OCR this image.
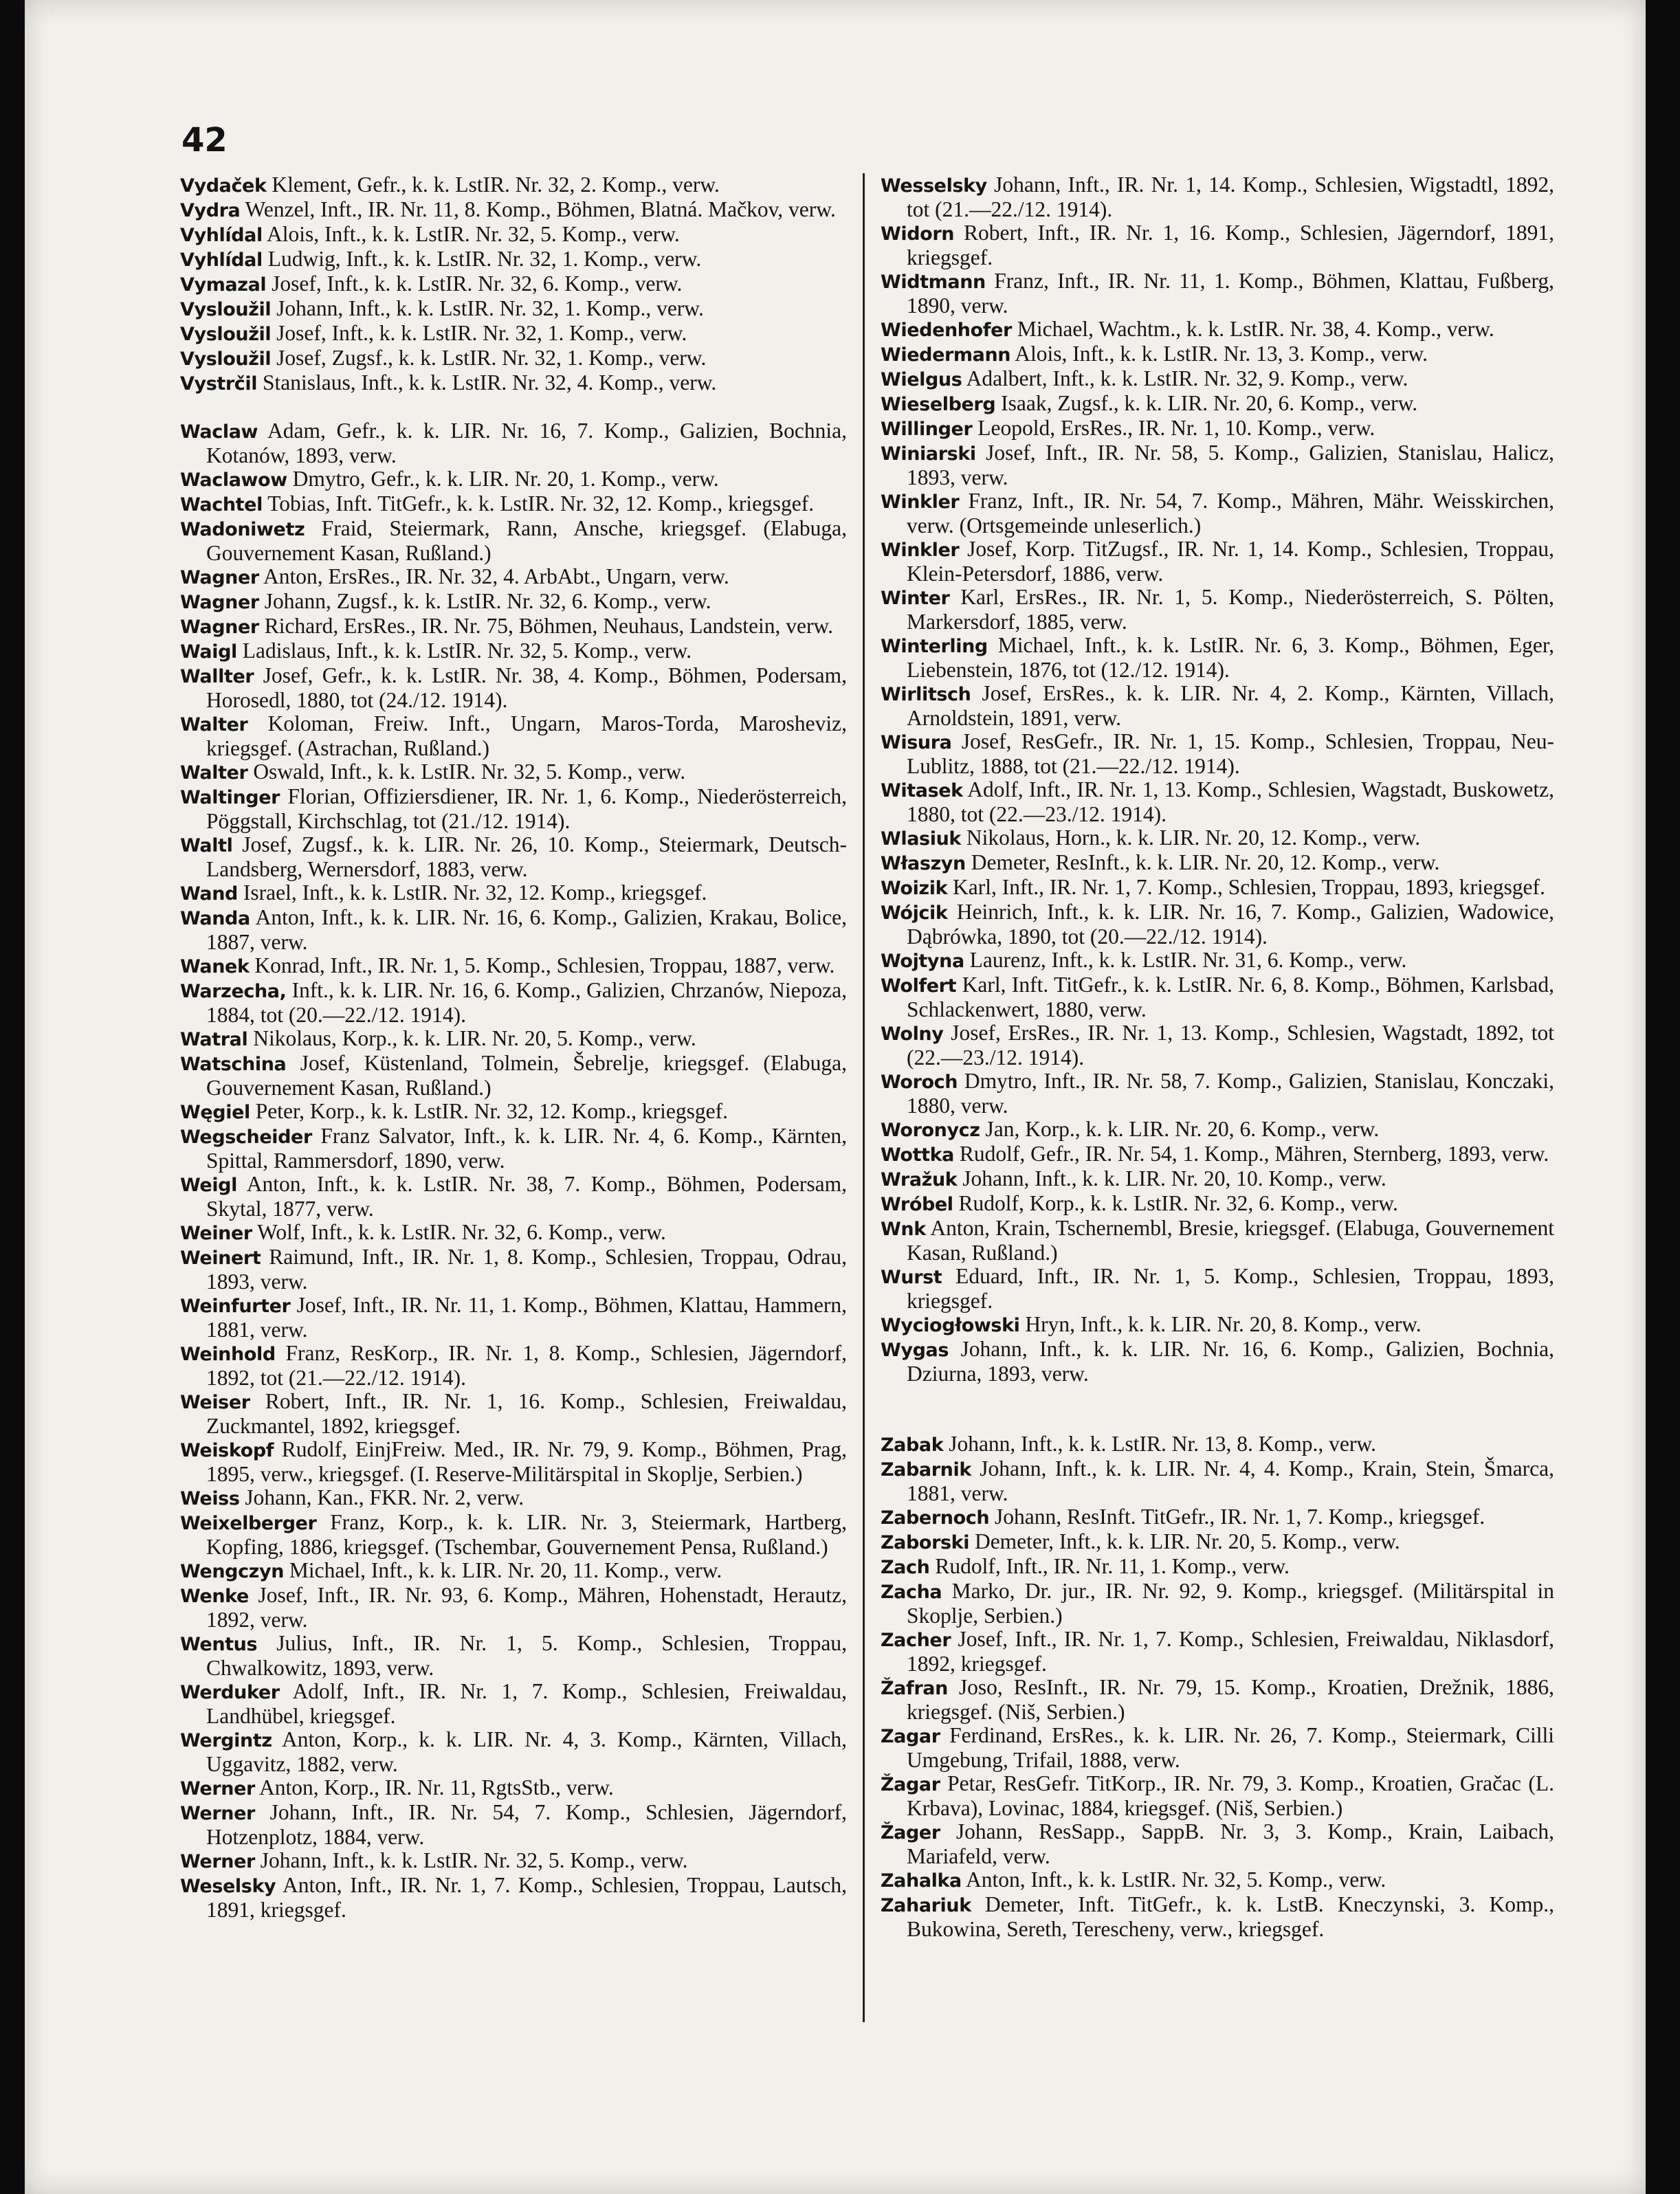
42

Vydaček Klement, Gefr., k. k. LstIR. Nr. 32, 2. Komp., verw.

Vydra Wenzel, Inft., IR. Nr. 11, 8. Komp., Böhmen, Blatná. Mačkov, verw.

Vyhlídal Alois, Inft., k. k. LstIR. Nr. 32, 5. Komp., verw.

Vyhlídal Ludwig, Inft., k. k. LstIR. Nr. 32, 1. Komp., verw.

Vymazal Josef, Inft., k. k. LstIR. Nr. 32, 6. Komp., verw.

Vysloužil Johann, Inft., k. k. LstIR. Nr. 32, 1. Komp., verw.

Vysloužil Josef, Inft., k. k. LstIR. Nr. 32, 1. Komp., verw.

Vysloužil Josef, Zugsf., k. k. LstIR. Nr. 32, 1. Komp., verw.

Vystrčil Stanislaus, Inft., k. k. LstIR. Nr. 32, 4. Komp., verw.

Waclaw Adam, Gefr., k. k. LIR. Nr. 16, 7. Komp., Galizien, Bochnia, Kotanów, 1893, verw.

Waclawow Dmytro, Gefr., k. k. LIR. Nr. 20, 1. Komp., verw.

Wachtel Tobias, Inft. TitGefr., k. k. LstIR. Nr. 32, 12. Komp., kriegsgef.

Wadoniwetz Fraid, Steiermark, Rann, Ansche, kriegsgef. (Elabuga, Gouvernement Kasan, Rußland.)

Wagner Anton, ErsRes., IR. Nr. 32, 4. ArbAbt., Ungarn, verw.

Wagner Johann, Zugsf., k. k. LstIR. Nr. 32, 6. Komp., verw.

Wagner Richard, ErsRes., IR. Nr. 75, Böhmen, Neuhaus, Landstein, verw.

Waigl Ladislaus, Inft., k. k. LstIR. Nr. 32, 5. Komp., verw.

Wallter Josef, Gefr., k. k. LstIR. Nr. 38, 4. Komp., Böhmen, Podersam, Horosedl, 1880, tot (24./12. 1914).

Walter Koloman, Freiw. Inft., Ungarn, Maros-Torda, Marosheviz, kriegsgef. (Astrachan, Rußland.)

Walter Oswald, Inft., k. k. LstIR. Nr. 32, 5. Komp., verw.

Waltinger Florian, Offiziersdiener, IR. Nr. 1, 6. Komp., Niederösterreich, Pöggstall, Kirchschlag, tot (21./12. 1914).

Waltl Josef, Zugsf., k. k. LIR. Nr. 26, 10. Komp., Steiermark, Deutsch-Landsberg, Wernersdorf, 1883, verw.

Wand Israel, Inft., k. k. LstIR. Nr. 32, 12. Komp., kriegsgef.

Wanda Anton, Inft., k. k. LIR. Nr. 16, 6. Komp., Galizien, Krakau, Bolice, 1887, verw.

Wanek Konrad, Inft., IR. Nr. 1, 5. Komp., Schlesien, Troppau, 1887, verw.

Warzecha, Inft., k. k. LIR. Nr. 16, 6. Komp., Galizien, Chrzanów, Niepoza, 1884, tot (20.—22./12. 1914).

Watral Nikolaus, Korp., k. k. LIR. Nr. 20, 5. Komp., verw.

Watschina Josef, Küstenland, Tolmein, Šebrelje, kriegsgef. (Elabuga, Gouvernement Kasan, Rußland.)

Węgiel Peter, Korp., k. k. LstIR. Nr. 32, 12. Komp., kriegsgef.

Wegscheider Franz Salvator, Inft., k. k. LIR. Nr. 4, 6. Komp., Kärnten, Spittal, Rammersdorf, 1890, verw.

Weigl Anton, Inft., k. k. LstIR. Nr. 38, 7. Komp., Böhmen, Podersam, Skytal, 1877, verw.

Weiner Wolf, Inft., k. k. LstIR. Nr. 32, 6. Komp., verw.

Weinert Raimund, Inft., IR. Nr. 1, 8. Komp., Schlesien, Troppau, Odrau, 1893, verw.

Weinfurter Josef, Inft., IR. Nr. 11, 1. Komp., Böhmen, Klattau, Hammern, 1881, verw.

Weinhold Franz, ResKorp., IR. Nr. 1, 8. Komp., Schlesien, Jägerndorf, 1892, tot (21.—22./12. 1914).

Weiser Robert, Inft., IR. Nr. 1, 16. Komp., Schlesien, Freiwaldau, Zuckmantel, 1892, kriegsgef.

Weiskopf Rudolf, EinjFreiw. Med., IR. Nr. 79, 9. Komp., Böhmen, Prag, 1895, verw., kriegsgef. (I. Reserve-Militärspital in Skoplje, Serbien.)

Weiss Johann, Kan., FKR. Nr. 2, verw.

Weixelberger Franz, Korp., k. k. LIR. Nr. 3, Steiermark, Hartberg, Kopfing, 1886, kriegsgef. (Tschembar, Gouvernement Pensa, Rußland.)

Wengczyn Michael, Inft., k. k. LIR. Nr. 20, 11. Komp., verw.

Wenke Josef, Inft., IR. Nr. 93, 6. Komp., Mähren, Hohenstadt, Herautz, 1892, verw.

Wentus Julius, Inft., IR. Nr. 1, 5. Komp., Schlesien, Troppau, Chwalkowitz, 1893, verw.

Werduker Adolf, Inft., IR. Nr. 1, 7. Komp., Schlesien, Freiwaldau, Landhübel, kriegsgef.

Wergintz Anton, Korp., k. k. LIR. Nr. 4, 3. Komp., Kärnten, Villach, Uggavitz, 1882, verw.

Werner Anton, Korp., IR. Nr. 11, RgtsStb., verw.

Werner Johann, Inft., IR. Nr. 54, 7. Komp., Schlesien, Jägerndorf, Hotzenplotz, 1884, verw.

Werner Johann, Inft., k. k. LstIR. Nr. 32, 5. Komp., verw.

Weselsky Anton, Inft., IR. Nr. 1, 7. Komp., Schlesien, Troppau, Lautsch, 1891, kriegsgef.

Wesselsky Johann, Inft., IR. Nr. 1, 14. Komp., Schlesien, Wigstadtl, 1892, tot (21.—22./12. 1914).

Widorn Robert, Inft., IR. Nr. 1, 16. Komp., Schlesien, Jägerndorf, 1891, kriegsgef.

Widtmann Franz, Inft., IR. Nr. 11, 1. Komp., Böhmen, Klattau, Fußberg, 1890, verw.

Wiedenhofer Michael, Wachtm., k. k. LstIR. Nr. 38, 4. Komp., verw.

Wiedermann Alois, Inft., k. k. LstIR. Nr. 13, 3. Komp., verw.

Wielgus Adalbert, Inft., k. k. LstIR. Nr. 32, 9. Komp., verw.

Wieselberg Isaak, Zugsf., k. k. LIR. Nr. 20, 6. Komp., verw.

Willinger Leopold, ErsRes., IR. Nr. 1, 10. Komp., verw.

Winiarski Josef, Inft., IR. Nr. 58, 5. Komp., Galizien, Stanislau, Halicz, 1893, verw.

Winkler Franz, Inft., IR. Nr. 54, 7. Komp., Mähren, Mähr. Weisskirchen, verw. (Ortsgemeinde unleserlich.)

Winkler Josef, Korp. TitZugsf., IR. Nr. 1, 14. Komp., Schlesien, Troppau, Klein-Petersdorf, 1886, verw.

Winter Karl, ErsRes., IR. Nr. 1, 5. Komp., Niederösterreich, S. Pölten, Markersdorf, 1885, verw.

Winterling Michael, Inft., k. k. LstIR. Nr. 6, 3. Komp., Böhmen, Eger, Liebenstein, 1876, tot (12./12. 1914).

Wirlitsch Josef, ErsRes., k. k. LIR. Nr. 4, 2. Komp., Kärnten, Villach, Arnoldstein, 1891, verw.

Wisura Josef, ResGefr., IR. Nr. 1, 15. Komp., Schlesien, Troppau, Neu-Lublitz, 1888, tot (21.—22./12. 1914).

Witasek Adolf, Inft., IR. Nr. 1, 13. Komp., Schlesien, Wagstadt, Buskowetz, 1880, tot (22.—23./12. 1914).

Wlasiuk Nikolaus, Horn., k. k. LIR. Nr. 20, 12. Komp., verw.

Właszyn Demeter, ResInft., k. k. LIR. Nr. 20, 12. Komp., verw.

Woizik Karl, Inft., IR. Nr. 1, 7. Komp., Schlesien, Troppau, 1893, kriegsgef.

Wójcik Heinrich, Inft., k. k. LIR. Nr. 16, 7. Komp., Galizien, Wadowice, Dąbrówka, 1890, tot (20.—22./12. 1914).

Wojtyna Laurenz, Inft., k. k. LstIR. Nr. 31, 6. Komp., verw.

Wolfert Karl, Inft. TitGefr., k. k. LstIR. Nr. 6, 8. Komp., Böhmen, Karlsbad, Schlackenwert, 1880, verw.

Wolny Josef, ErsRes., IR. Nr. 1, 13. Komp., Schlesien, Wagstadt, 1892, tot (22.—23./12. 1914).

Woroch Dmytro, Inft., IR. Nr. 58, 7. Komp., Galizien, Stanislau, Konczaki, 1880, verw.

Woronycz Jan, Korp., k. k. LIR. Nr. 20, 6. Komp., verw.

Wottka Rudolf, Gefr., IR. Nr. 54, 1. Komp., Mähren, Sternberg, 1893, verw.

Wražuk Johann, Inft., k. k. LIR. Nr. 20, 10. Komp., verw.

Wróbel Rudolf, Korp., k. k. LstIR. Nr. 32, 6. Komp., verw.

Wnk Anton, Krain, Tschernembl, Bresie, kriegsgef. (Elabuga, Gouvernement Kasan, Rußland.)

Wurst Eduard, Inft., IR. Nr. 1, 5. Komp., Schlesien, Troppau, 1893, kriegsgef.

Wyciogłowski Hryn, Inft., k. k. LIR. Nr. 20, 8. Komp., verw.

Wygas Johann, Inft., k. k. LIR. Nr. 16, 6. Komp., Galizien, Bochnia, Dziurna, 1893, verw.

Zabak Johann, Inft., k. k. LstIR. Nr. 13, 8. Komp., verw.

Zabarnik Johann, Inft., k. k. LIR. Nr. 4, 4. Komp., Krain, Stein, Šmarca, 1881, verw.

Zabernoch Johann, ResInft. TitGefr., IR. Nr. 1, 7. Komp., kriegsgef.

Zaborski Demeter, Inft., k. k. LIR. Nr. 20, 5. Komp., verw.

Zach Rudolf, Inft., IR. Nr. 11, 1. Komp., verw.

Zacha Marko, Dr. jur., IR. Nr. 92, 9. Komp., kriegsgef. (Militärspital in Skoplje, Serbien.)

Zacher Josef, Inft., IR. Nr. 1, 7. Komp., Schlesien, Freiwaldau, Niklasdorf, 1892, kriegsgef.

Žafran Joso, ResInft., IR. Nr. 79, 15. Komp., Kroatien, Drežnik, 1886, kriegsgef. (Niš, Serbien.)

Zagar Ferdinand, ErsRes., k. k. LIR. Nr. 26, 7. Komp., Steiermark, Cilli Umgebung, Trifail, 1888, verw.

Žagar Petar, ResGefr. TitKorp., IR. Nr. 79, 3. Komp., Kroatien, Gračac (L. Krbava), Lovinac, 1884, kriegsgef. (Niš, Serbien.)

Žager Johann, ResSapp., SappB. Nr. 3, 3. Komp., Krain, Laibach, Mariafeld, verw.

Zahalka Anton, Inft., k. k. LstIR. Nr. 32, 5. Komp., verw.

Zahariuk Demeter, Inft. TitGefr., k. k. LstB. Kneczynski, 3. Komp., Bukowina, Sereth, Terescheny, verw., kriegsgef.
